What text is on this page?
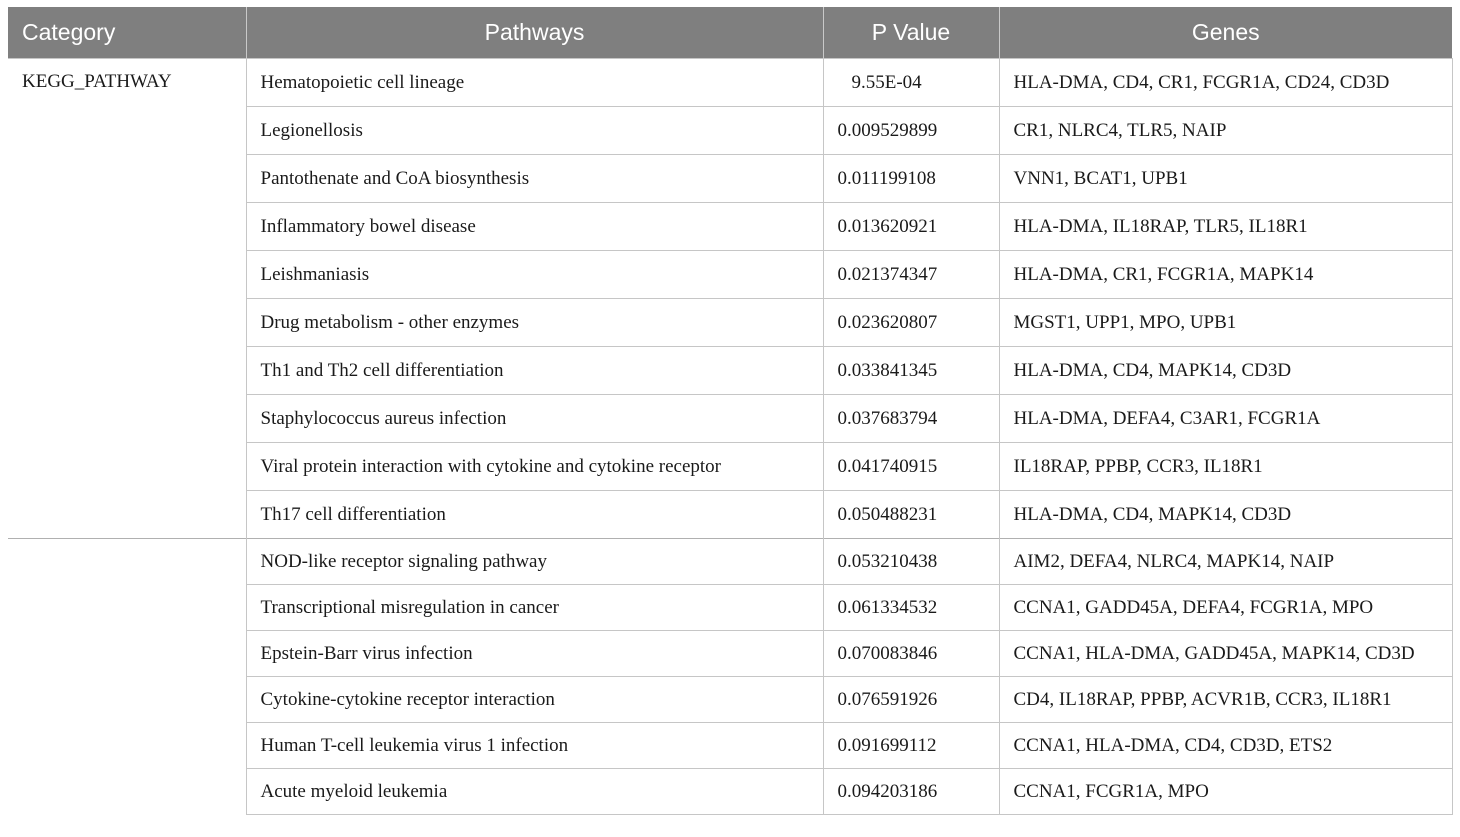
Category	Pathways	P Value	Genes
KEGG_PATHWAY	Hematopoietic cell lineage	9.55E-04	HLA-DMA, CD4, CR1, FCGR1A, CD24, CD3D
	Legionellosis	0.009529899	CR1, NLRC4, TLR5, NAIP
	Pantothenate and CoA biosynthesis	0.011199108	VNN1, BCAT1, UPB1
	Inflammatory bowel disease	0.013620921	HLA-DMA, IL18RAP, TLR5, IL18R1
	Leishmaniasis	0.021374347	HLA-DMA, CR1, FCGR1A, MAPK14
	Drug metabolism - other enzymes	0.023620807	MGST1, UPP1, MPO, UPB1
	Th1 and Th2 cell differentiation	0.033841345	HLA-DMA, CD4, MAPK14, CD3D
	Staphylococcus aureus infection	0.037683794	HLA-DMA, DEFA4, C3AR1, FCGR1A
	Viral protein interaction with cytokine and cytokine receptor	0.041740915	IL18RAP, PPBP, CCR3, IL18R1
	Th17 cell differentiation	0.050488231	HLA-DMA, CD4, MAPK14, CD3D
	NOD-like receptor signaling pathway	0.053210438	AIM2, DEFA4, NLRC4, MAPK14, NAIP
	Transcriptional misregulation in cancer	0.061334532	CCNA1, GADD45A, DEFA4, FCGR1A, MPO
	Epstein-Barr virus infection	0.070083846	CCNA1, HLA-DMA, GADD45A, MAPK14, CD3D
	Cytokine-cytokine receptor interaction	0.076591926	CD4, IL18RAP, PPBP, ACVR1B, CCR3, IL18R1
	Human T-cell leukemia virus 1 infection	0.091699112	CCNA1, HLA-DMA, CD4, CD3D, ETS2
	Acute myeloid leukemia	0.094203186	CCNA1, FCGR1A, MPO
